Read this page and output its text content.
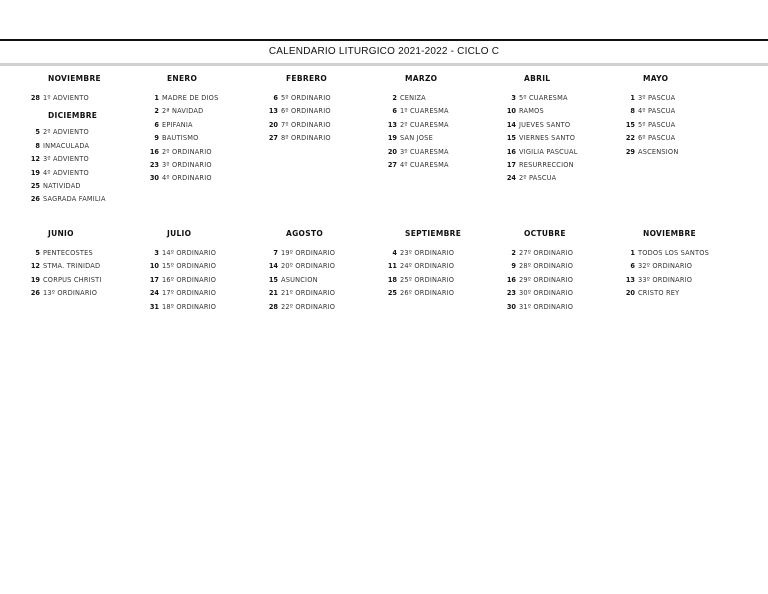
CALENDARIO LITURGICO 2021-2022 - CICLO C
NOVIEMBRE
28 1º ADVIENTO
DICIEMBRE
5 2º ADVIENTO
8 INMACULADA
12 3º ADVIENTO
19 4º ADVIENTO
25 NATIVIDAD
26 SAGRADA FAMILIA
ENERO
1 MADRE DE DIOS
2 2ª NAVIDAD
6 EPIFANIA
9 BAUTISMO
16 2º ORDINARIO
23 3º ORDINARIO
30 4º ORDINARIO
FEBRERO
6 5º ORDINARIO
13 6º ORDINARIO
20 7º ORDINARIO
27 8º ORDINARIO
MARZO
2 CENIZA
6 1º CUARESMA
13 2º CUARESMA
19 SAN JOSE
20 3º CUARESMA
27 4º CUARESMA
ABRIL
3 5º CUARESMA
10 RAMOS
14 JUEVES SANTO
15 VIERNES SANTO
16 VIGILIA PASCUAL
17 RESURRECCION
24 2º PASCUA
MAYO
1 3º PASCUA
8 4º PASCUA
15 5º PASCUA
22 6º PASCUA
29 ASCENSION
JUNIO
5 PENTECOSTES
12 STMA. TRINIDAD
19 CORPUS CHRISTI
26 13º ORDINARIO
JULIO
3 14º ORDINARIO
10 15º ORDINARIO
17 16º ORDINARIO
24 17º ORDINARIO
31 18º ORDINARIO
AGOSTO
7 19º ORDINARIO
14 20º ORDINARIO
15 ASUNCION
21 21º ORDINARIO
28 22º ORDINARIO
SEPTIEMBRE
4 23º ORDINARIO
11 24º ORDINARIO
18 25º ORDINARIO
25 26º ORDINARIO
OCTUBRE
2 27º ORDINARIO
9 28º ORDINARIO
16 29º ORDINARIO
23 30º ORDINARIO
30 31º ORDINARIO
NOVIEMBRE
1 TODOS LOS SANTOS
6 32º ORDINARIO
13 33º ORDINARIO
20 CRISTO REY
